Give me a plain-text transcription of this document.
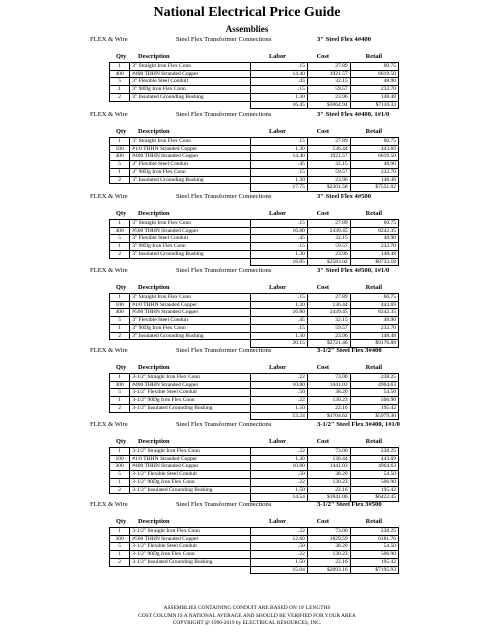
National Electrical Price Guide
Assemblies
FLEX & Wire	Steel Flex Transformer Connections	3" Steel Flex 4#400
Qty Description	Labor	Cost	Retail
1	3" Straight Iron Flex Conn	.15	27.89	60.75
400	#400 THHN Stranded Copper	14.40	1921.57	6619.50
5	3" Flexible Steel Conduit	.45	32.15	48.90
1	3" 90Dg Iron Flex Conn	.15	59.57	232.70
2	3" Insulated Grounding Bushing	1.30	23.96	148.48
		16.45	$3064.94	$7110.33
FLEX & Wire	Steel Flex Transformer Connections	3" Steel Flex 4#400, 1#1/0
Qty Description	Labor	Cost	Retail
1	3" Straight Iron Flex Conn	.15	27.89	60.75
100	#1/0 THHN Stranded Copper	1.30	136.44	443.69
400	#400 THHN Stranded Copper	14.40	1921.57	6619.50
5	3" Flexible Steel Conduit	.45	32.15	48.90
1	3" 90Dg Iron Flex Conn	.15	59.57	232.70
2	3" Insulated Grounding Bushing	1.30	23.96	148.48
		17.75	$2201.58	$7551.02
FLEX & Wire	Steel Flex Transformer Connections	3" Steel Flex 4#500
Qty Description	Labor	Cost	Retail
1	3" Straight Iron Flex Conn	.15	27.89	60.75
400	#500 THHN Stranded Copper	16.80	2439.45	8242.35
5	3" Flexible Steel Conduit	.45	32.15	48.90
1	3" 90Dg Iron Flex Conn	.15	59.57	232.70
2	3" Insulated Grounding Bushing	1.30	23.96	148.48
		18.85	$2583.02	$8733.18
FLEX & Wire	Steel Flex Transformer Connections	3" Steel Flex 4#500, 1#1/0
Qty Description	Labor	Cost	Retail
1	3" Straight Iron Flex Conn	.15	27.89	60.75
100	#1/0 THHN Stranded Copper	1.30	136.44	443.69
400	#500 THHN Stranded Copper	16.80	2439.45	8242.35
5	3" Flexible Steel Conduit	.45	32.15	48.90
1	3" 90Dg Iron Flex Conn	.15	59.57	232.70
2	3" Insulated Grounding Bushing	1.30	23.96	148.48
		20.15	$2721.46	$9176.88
FLEX & Wire	Steel Flex Transformer Connections	3-1/2" Steel Flex 3#400
Qty Description	Labor	Cost	Retail
1	3-1/2" Straight Iron Flex Conn	.22	73.00	238.25
300	#400 THHN Stranded Copper	10.80	1441.03	4964.63
5	3-1/2" Flexible Steel Conduit	.50	38.20	54.50
1	3-1/2" 90Dg Iron Flex Conn	.22	130.23	506.90
2	3-1/2" Insulated Grounding Bushing	1.50	22.16	195.42
		13.24	$1704.62	$5979.30
FLEX & Wire	Steel Flex Transformer Connections	3-1/2" Steel Flex 3#400, 1#1/0
Qty Description	Labor	Cost	Retail
1	3-1/2" Straight Iron Flex Conn	.22	73.00	238.25
100	#1/0 THHN Stranded Copper	1.30	136.44	443.69
300	#400 THHN Stranded Copper	10.80	1441.03	4964.63
5	3-1/2" Flexible Steel Conduit	.50	38.20	54.50
1	3-1/2" 90Dg Iron Flex Conn	.22	130.23	506.90
2	3-1/2" Insulated Grounding Bushing	1.50	22.16	195.42
		14.54	$1841.06	$6422.45
FLEX & Wire	Steel Flex Transformer Connections	3-1/2" Steel Flex 3#500
Qty Description	Labor	Cost	Retail
1	3-1/2" Straight Iron Flex Conn	.22	73.00	238.25
300	#500 THHN Stranded Copper	12.60	1829.59	6181.76
5	3-1/2" Flexible Steel Conduit	.50	38.20	54.50
1	3-1/2" 90Dg Iron Flex Conn	.22	130.23	506.90
2	3-1/2" Insulated Grounding Bushing	1.50	22.16	195.42
		15.04	$2093.16	$7195.93
ASSEMBLIES CONTAINING CONDUIT ARE BASED ON 10' LENGTHS
COST COLUMN IS A NATIONAL AVERAGE AND SHOULD BE VERIFIED FOR YOUR AREA
COPYRIGHT @ 1996-2019 by ELECTRICAL RESOURCES, INC.
